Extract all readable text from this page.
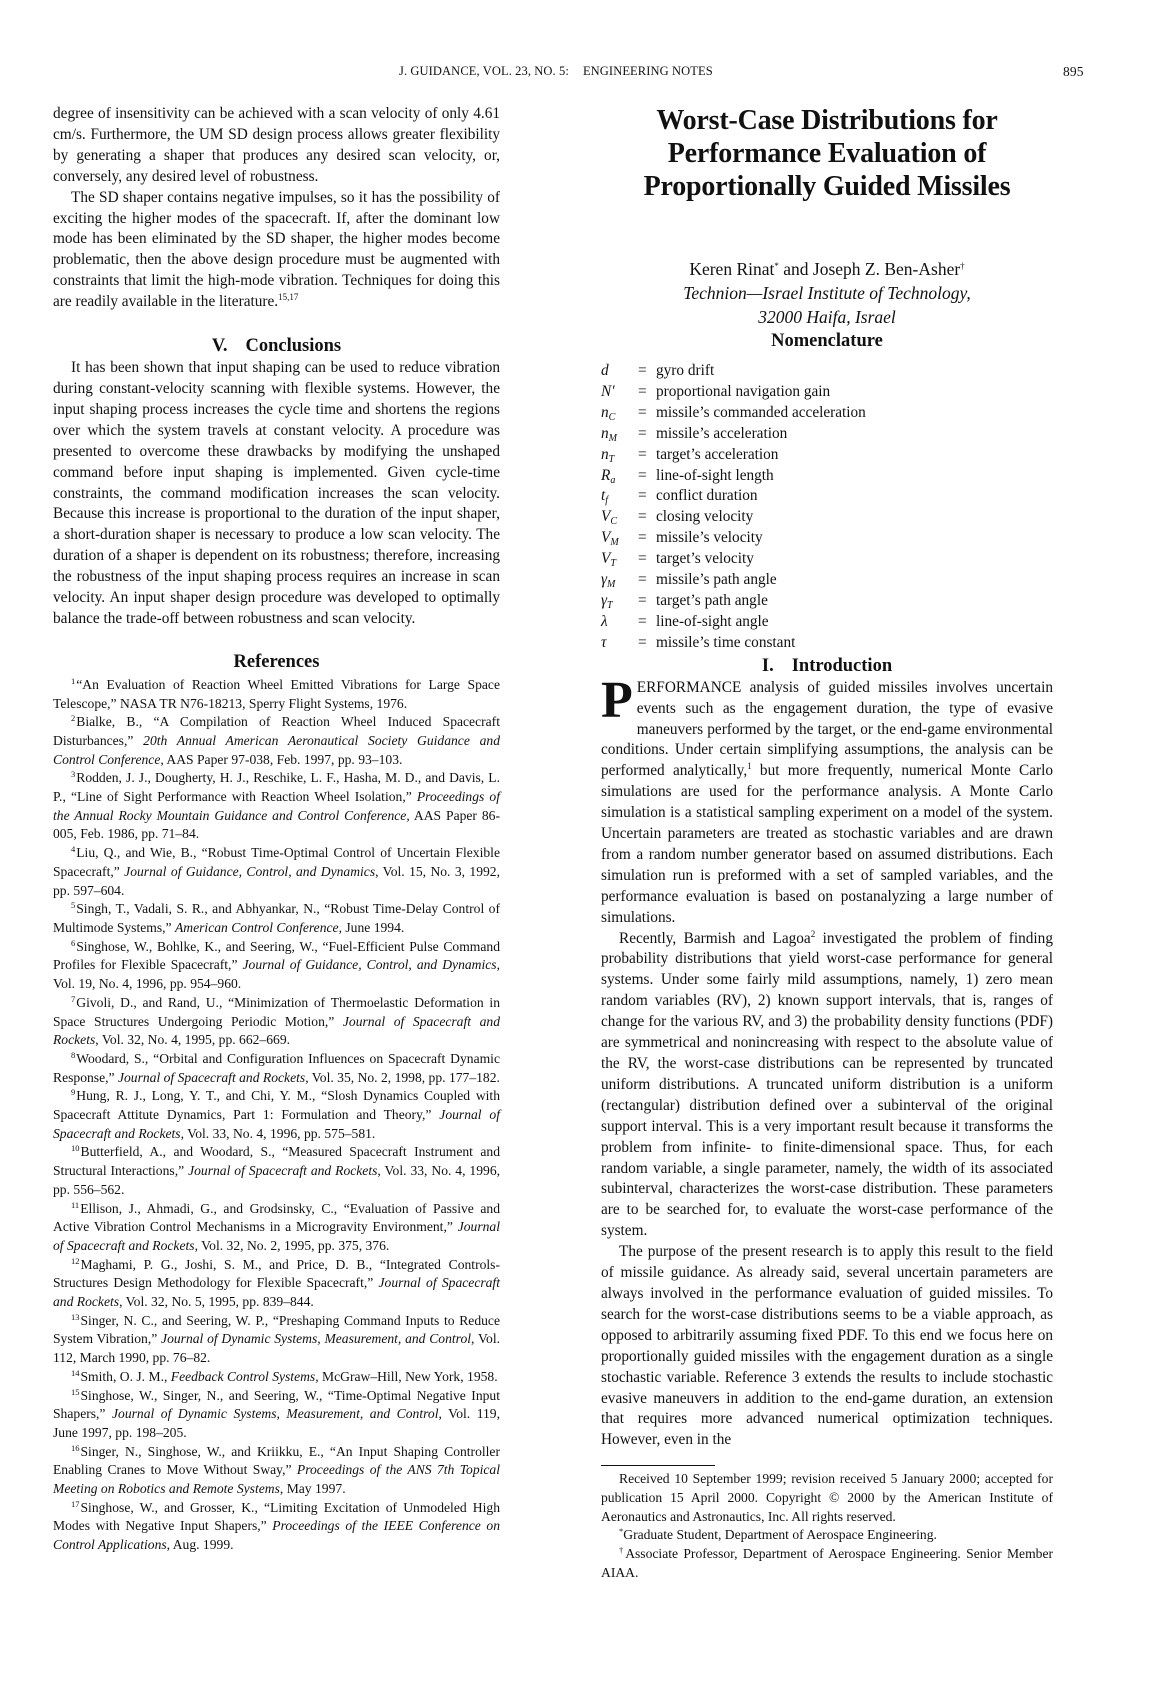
J. GUIDANCE, VOL. 23, NO. 5: ENGINEERING NOTES	895

degree of insensitivity can be achieved with a scan velocity of only 4.61 cm/s. Furthermore, the UM SD design process allows greater flexibility by generating a shaper that produces any desired scan velocity, or, conversely, any desired level of robustness.

The SD shaper contains negative impulses, so it has the possibility of exciting the higher modes of the spacecraft. If, after the dominant low mode has been eliminated by the SD shaper, the higher modes become problematic, then the above design procedure must be augmented with constraints that limit the high-mode vibration. Techniques for doing this are readily available in the literature.$^{15,17}$

V. Conclusions

It has been shown that input shaping can be used to reduce vibration during constant-velocity scanning with flexible systems. However, the input shaping process increases the cycle time and shortens the regions over which the system travels at constant velocity. A procedure was presented to overcome these drawbacks by modifying the unshaped command before input shaping is implemented. Given cycle-time constraints, the command modification increases the scan velocity. Because this increase is proportional to the duration of the input shaper, a short-duration shaper is necessary to produce a low scan velocity. The duration of a shaper is dependent on its robustness; therefore, increasing the robustness of the input shaping process requires an increase in scan velocity. An input shaper design procedure was developed to optimally balance the trade-off between robustness and scan velocity.

References

$^1$“An Evaluation of Reaction Wheel Emitted Vibrations for Large Space Telescope,” NASA TR N76-18213, Sperry Flight Systems, 1976.

$^2$Bialke, B., “A Compilation of Reaction Wheel Induced Spacecraft Disturbances,” 20th Annual American Aeronautical Society Guidance and Control Conference, AAS Paper 97-038, Feb. 1997, pp. 93–103.

$^3$Rodden, J. J., Dougherty, H. J., Reschike, L. F., Hasha, M. D., and Davis, L. P., “Line of Sight Performance with Reaction Wheel Isolation,” Proceedings of the Annual Rocky Mountain Guidance and Control Conference, AAS Paper 86-005, Feb. 1986, pp. 71–84.

$^4$Liu, Q., and Wie, B., “Robust Time-Optimal Control of Uncertain Flexible Spacecraft,” Journal of Guidance, Control, and Dynamics, Vol. 15, No. 3, 1992, pp. 597–604.

$^5$Singh, T., Vadali, S. R., and Abhyankar, N., “Robust Time-Delay Control of Multimode Systems,” American Control Conference, June 1994.

$^6$Singhose, W., Bohlke, K., and Seering, W., “Fuel-Efficient Pulse Command Profiles for Flexible Spacecraft,” Journal of Guidance, Control, and Dynamics, Vol. 19, No. 4, 1996, pp. 954–960.

$^7$Givoli, D., and Rand, U., “Minimization of Thermoelastic Deformation in Space Structures Undergoing Periodic Motion,” Journal of Spacecraft and Rockets, Vol. 32, No. 4, 1995, pp. 662–669.

$^8$Woodard, S., “Orbital and Configuration Influences on Spacecraft Dynamic Response,” Journal of Spacecraft and Rockets, Vol. 35, No. 2, 1998, pp. 177–182.

$^9$Hung, R. J., Long, Y. T., and Chi, Y. M., “Slosh Dynamics Coupled with Spacecraft Attitute Dynamics, Part 1: Formulation and Theory,” Journal of Spacecraft and Rockets, Vol. 33, No. 4, 1996, pp. 575–581.

$^{10}$Butterfield, A., and Woodard, S., “Measured Spacecraft Instrument and Structural Interactions,” Journal of Spacecraft and Rockets, Vol. 33, No. 4, 1996, pp. 556–562.

$^{11}$Ellison, J., Ahmadi, G., and Grodsinsky, C., “Evaluation of Passive and Active Vibration Control Mechanisms in a Microgravity Environment,” Journal of Spacecraft and Rockets, Vol. 32, No. 2, 1995, pp. 375, 376.

$^{12}$Maghami, P. G., Joshi, S. M., and Price, D. B., “Integrated Controls-Structures Design Methodology for Flexible Spacecraft,” Journal of Spacecraft and Rockets, Vol. 32, No. 5, 1995, pp. 839–844.

$^{13}$Singer, N. C., and Seering, W. P., “Preshaping Command Inputs to Reduce System Vibration,” Journal of Dynamic Systems, Measurement, and Control, Vol. 112, March 1990, pp. 76–82.

$^{14}$Smith, O. J. M., Feedback Control Systems, McGraw–Hill, New York, 1958.

$^{15}$Singhose, W., Singer, N., and Seering, W., “Time-Optimal Negative Input Shapers,” Journal of Dynamic Systems, Measurement, and Control, Vol. 119, June 1997, pp. 198–205.

$^{16}$Singer, N., Singhose, W., and Kriikku, E., “An Input Shaping Controller Enabling Cranes to Move Without Sway,” Proceedings of the ANS 7th Topical Meeting on Robotics and Remote Systems, May 1997.

$^{17}$Singhose, W., and Grosser, K., “Limiting Excitation of Unmodeled High Modes with Negative Input Shapers,” Proceedings of the IEEE Conference on Control Applications, Aug. 1999.

Worst-Case Distributions for
Performance Evaluation of
Proportionally Guided Missiles
Keren Rinat* and Joseph Z. Ben-Asher†
Technion—Israel Institute of Technology,
32000 Haifa, Israel
Nomenclature
d	= gyro drift
N′	= proportional navigation gain
$n_C$	= missile’s commanded acceleration
$n_M$	= missile’s acceleration
$n_T$	= target’s acceleration
$R_a$	= line-of-sight length
$t_f$	= conflict duration
$V_C$	= closing velocity
$V_M$	= missile’s velocity
$V_T$	= target’s velocity
$\gamma_M$	= missile’s path angle
$\gamma_T$	= target’s path angle
λ	= line-of-sight angle
τ	= missile’s time constant
I. Introduction

PERFORMANCE analysis of guided missiles involves uncertain events such as the engagement duration, the type of evasive maneuvers performed by the target, or the end-game environmental conditions. Under certain simplifying assumptions, the analysis can be performed analytically,$^1$ but more frequently, numerical Monte Carlo simulations are used for the performance analysis. A Monte Carlo simulation is a statistical sampling experiment on a model of the system. Uncertain parameters are treated as stochastic variables and are drawn from a random number generator based on assumed distributions. Each simulation run is preformed with a set of sampled variables, and the performance evaluation is based on postanalyzing a large number of simulations.

Recently, Barmish and Lagoa$^2$ investigated the problem of finding probability distributions that yield worst-case performance for general systems. Under some fairly mild assumptions, namely, 1) zero mean random variables (RV), 2) known support intervals, that is, ranges of change for the various RV, and 3) the probability density functions (PDF) are symmetrical and nonincreasing with respect to the absolute value of the RV, the worst-case distributions can be represented by truncated uniform distributions. A truncated uniform distribution is a uniform (rectangular) distribution defined over a subinterval of the original support interval. This is a very important result because it transforms the problem from infinite- to finite-dimensional space. Thus, for each random variable, a single parameter, namely, the width of its associated subinterval, characterizes the worst-case distribution. These parameters are to be searched for, to evaluate the worst-case performance of the system.

The purpose of the present research is to apply this result to the field of missile guidance. As already said, several uncertain parameters are always involved in the performance evaluation of guided missiles. To search for the worst-case distributions seems to be a viable approach, as opposed to arbitrarily assuming fixed PDF. To this end we focus here on proportionally guided missiles with the engagement duration as a single stochastic variable. Reference 3 extends the results to include stochastic evasive maneuvers in addition to the end-game duration, an extension that requires more advanced numerical optimization techniques. However, even in the

Received 10 September 1999; revision received 5 January 2000; accepted for publication 15 April 2000. Copyright © 2000 by the American Institute of Aeronautics and Astronautics, Inc. All rights reserved.

*Graduate Student, Department of Aerospace Engineering.

†Associate Professor, Department of Aerospace Engineering. Senior Member AIAA.
